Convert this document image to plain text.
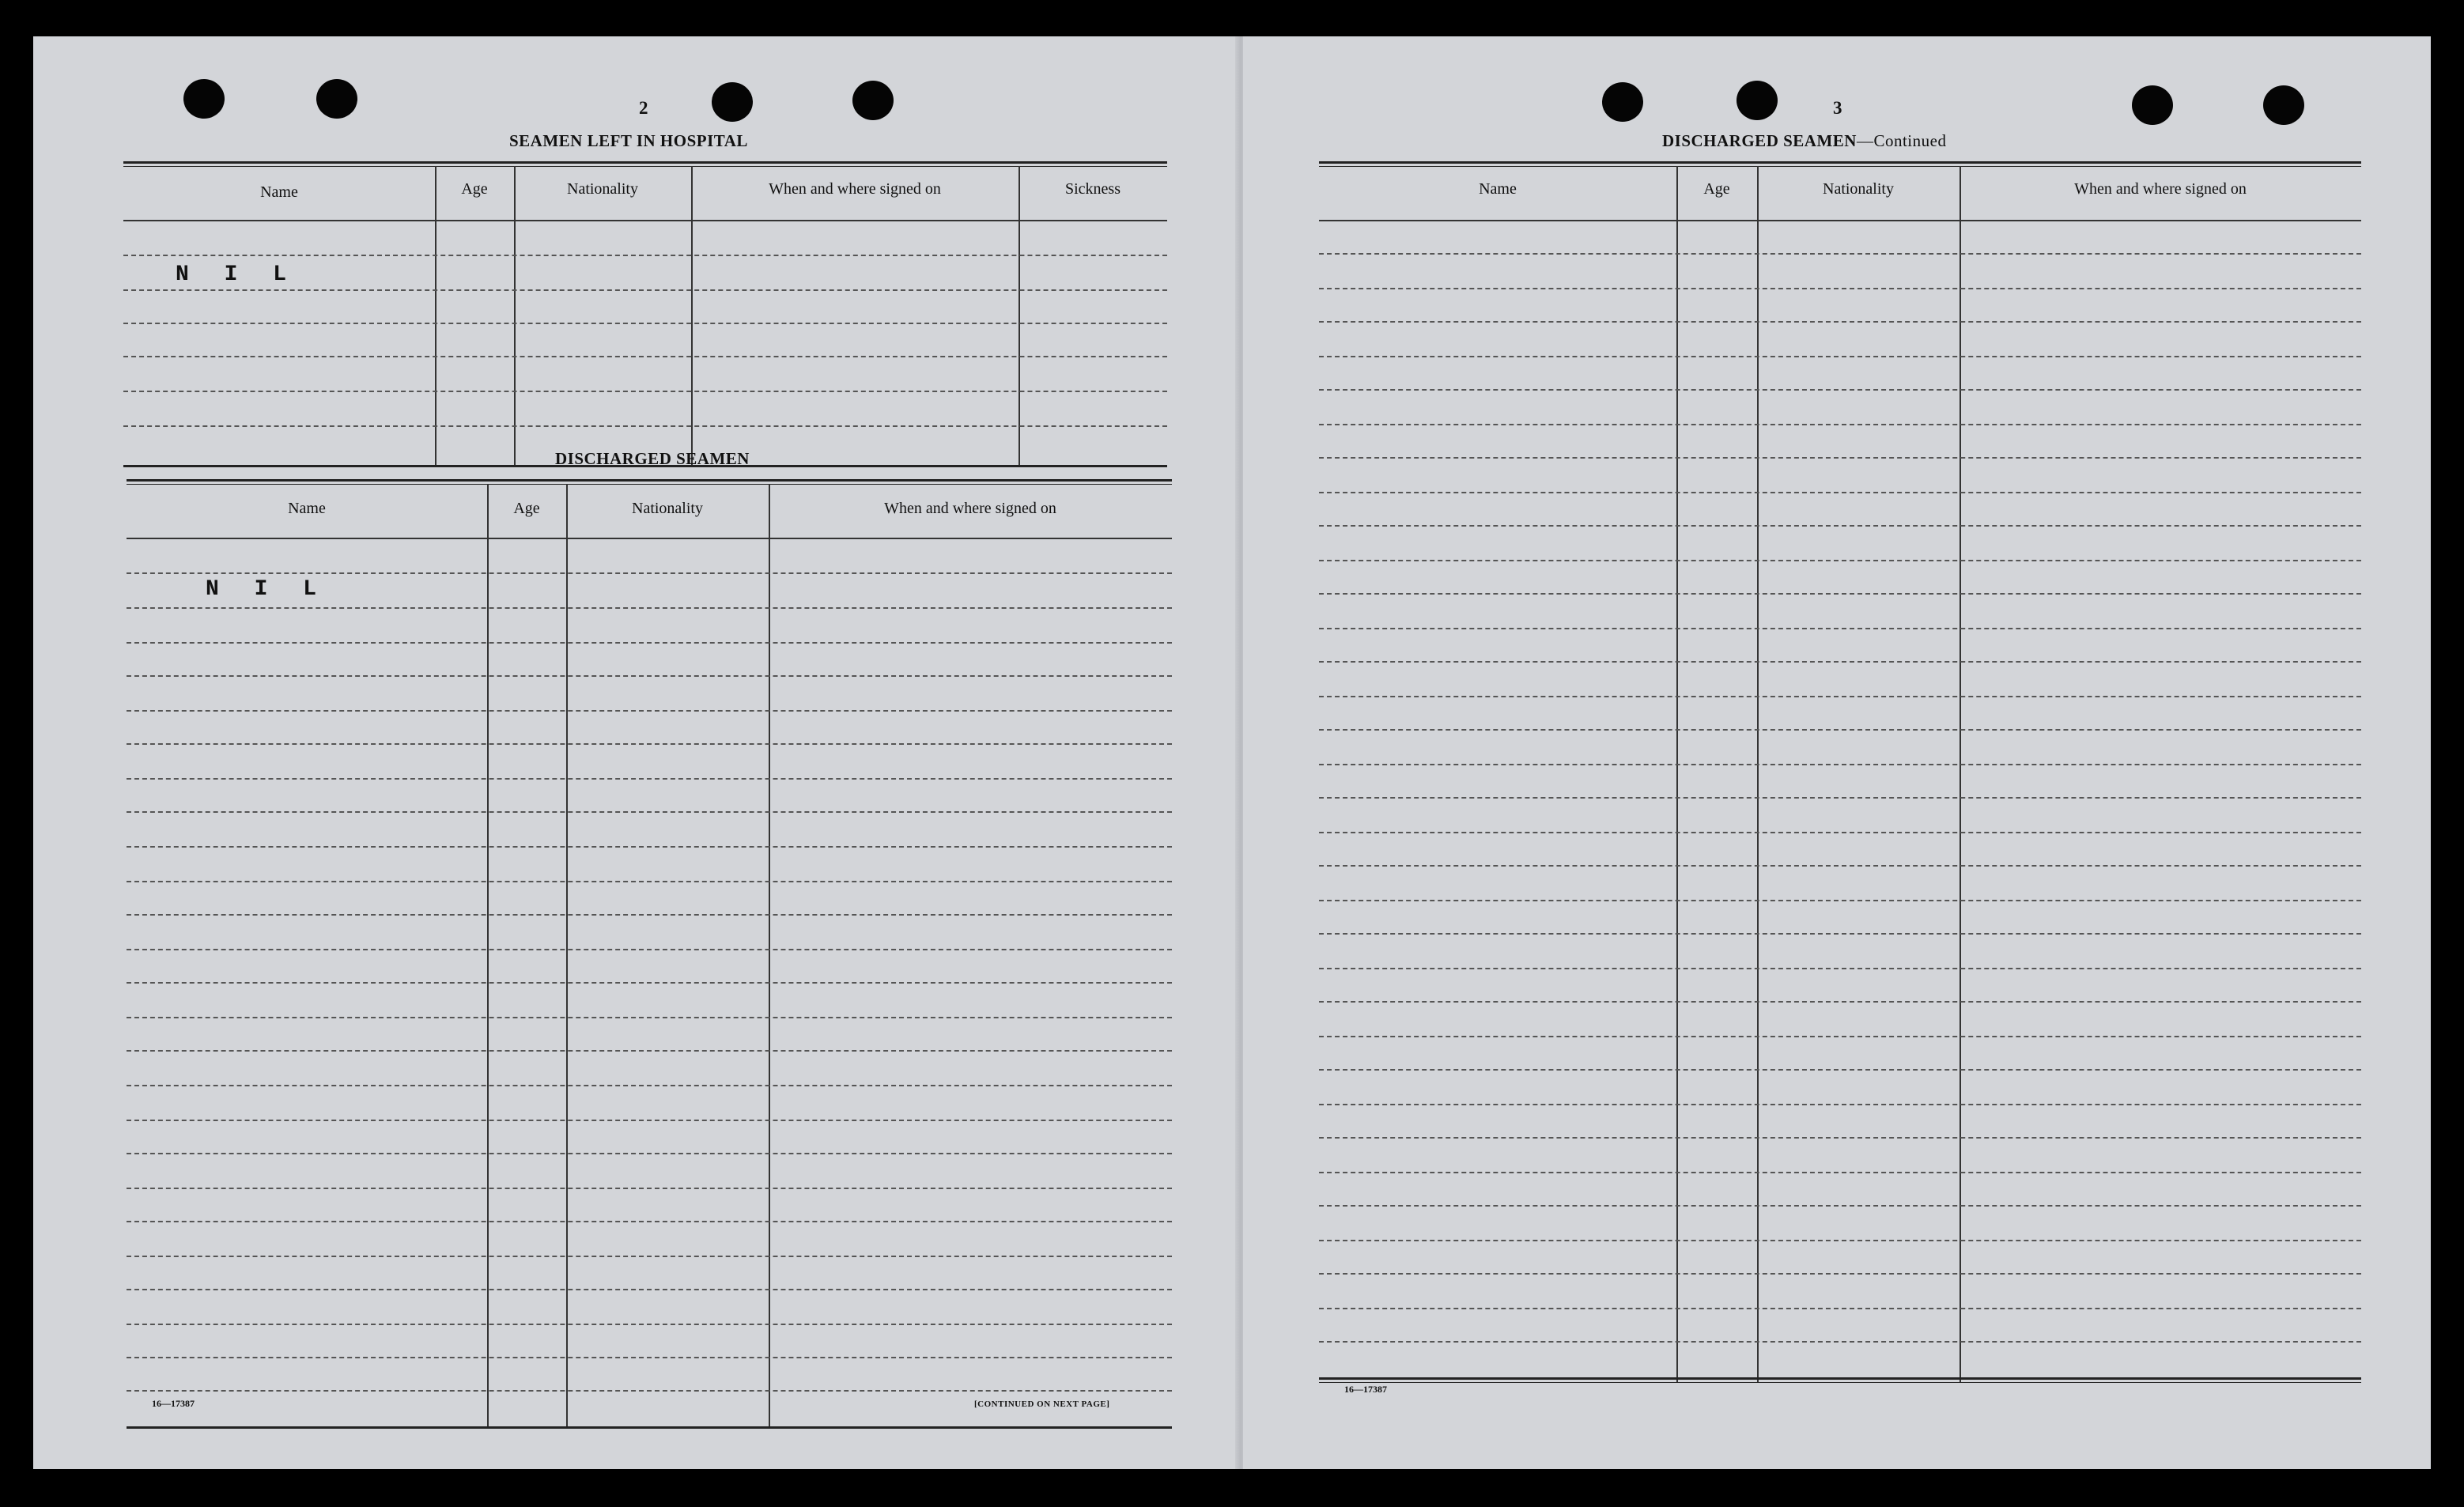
2
SEAMEN LEFT IN HOSPITAL
Name	Age	Nationality	When and where signed on	Sickness
N I L
DISCHARGED SEAMEN
Name	Age	Nationality	When and where signed on
N I L
16—17387	[CONTINUED ON NEXT PAGE]
3
DISCHARGED SEAMEN—Continued
Name	Age	Nationality	When and where signed on
16—17387
